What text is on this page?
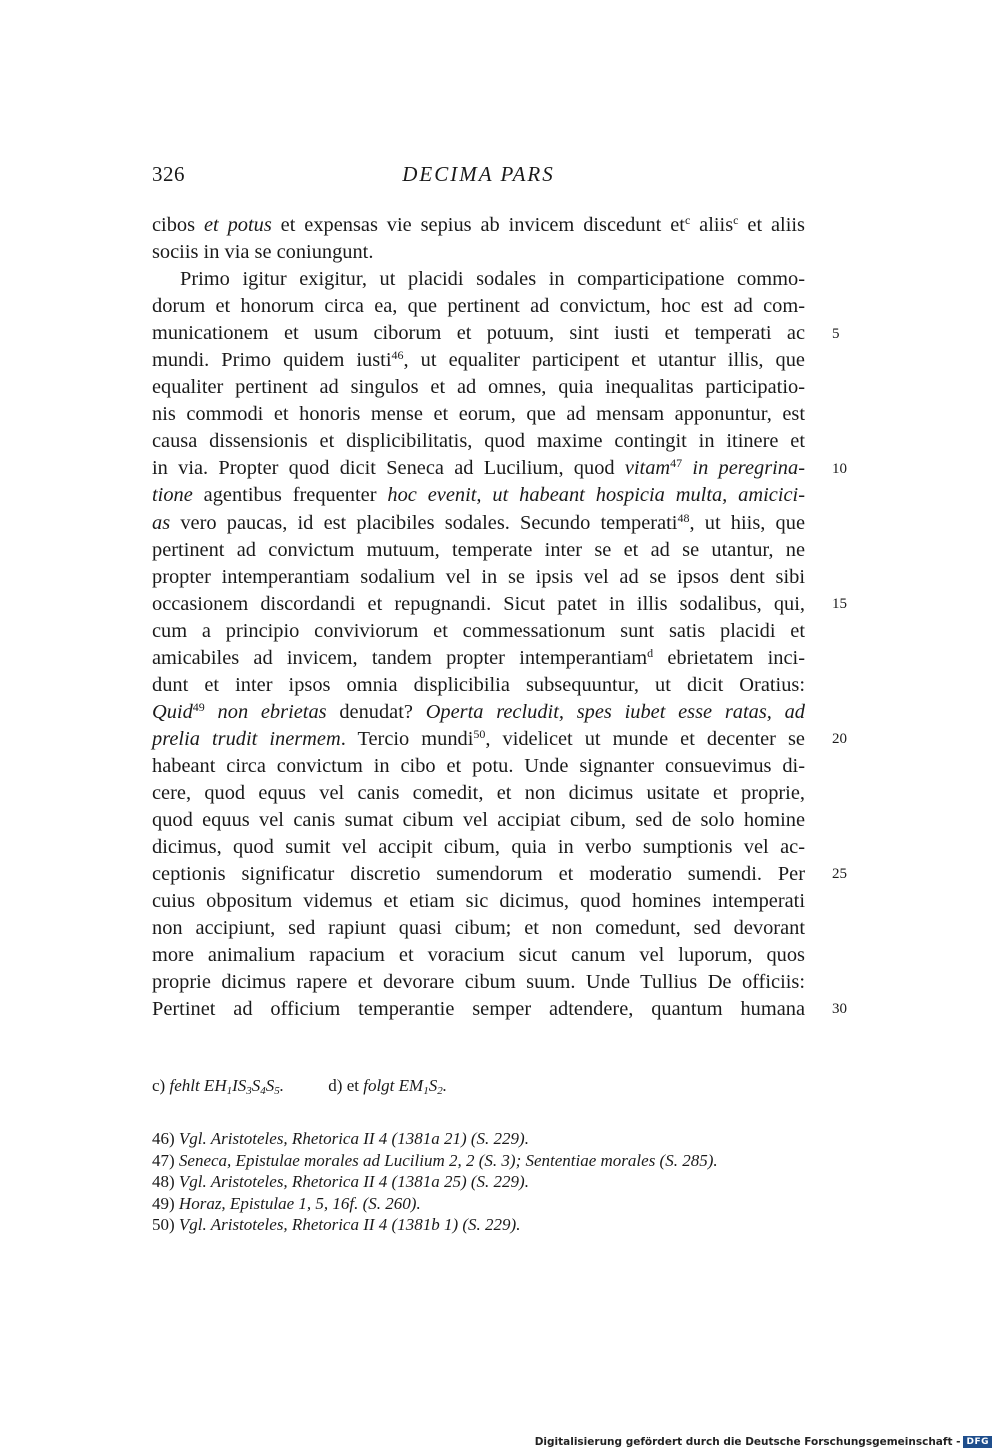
326	DECIMA PARS
cibos et potus et expensas vie sepius ab invicem discedunt $et^c$ aliis$^c$ et aliis
sociis in via se coniungunt.
Primo igitur exigitur, ut placidi sodales in comparticipatione commo-
dorum et honorum circa ea, que pertinent ad convictum, hoc est ad com-
municationem et usum ciborum et potuum, sint iusti et temperati ac
mundi. Primo quidem iusti$^{46}$, ut equaliter participent et utantur illis, que
equaliter pertinent ad singulos et ad omnes, quia inequalitas participatio-
nis commodi et honoris mense et eorum, que ad mensam apponuntur, est
causa dissensionis et displicibilitatis, quod maxime contingit in itinere et
in via. Propter quod dicit Seneca ad Lucilium, quod vitam$^{47}$ in peregrina-
tione agentibus frequenter hoc evenit, ut habeant hospicia multa, amicici-
as vero paucas, id est placibiles sodales. Secundo temperati$^{48}$, ut hiis, que
pertinent ad convictum mutuum, temperate inter se et ad se utantur, ne
propter intemperantiam sodalium vel in se ipsis vel ad se ipsos dent sibi
occasionem discordandi et repugnandi. Sicut patet in illis sodalibus, qui,
cum a principio conviviorum et commessationum sunt satis placidi et
amicabiles ad invicem, tandem propter intemperantiam$^d$ ebrietatem inci-
dunt et inter ipsos omnia displicibilia subsequuntur, ut dicit Oratius:
Quid$^{49}$ non ebrietas denudat? Operta recludit, spes iubet esse ratas, ad
prelia trudit inermem. Tercio mundi$^{50}$, videlicet ut munde et decenter se
habeant circa convictum in cibo et potu. Unde signanter consuevimus di-
cere, quod equus vel canis comedit, et non dicimus usitate et proprie,
quod equus vel canis sumat cibum vel accipiat cibum, sed de solo homine
dicimus, quod sumit vel accipit cibum, quia in verbo sumptionis vel ac-
ceptionis significatur discretio sumendorum et moderatio sumendi. Per
cuius obpositum videmus et etiam sic dicimus, quod homines intemperati
non accipiunt, sed rapiunt quasi cibum; et non comedunt, sed devorant
more animalium rapacium et voracium sicut canum vel luporum, quos
proprie dicimus rapere et devorare cibum suum. Unde Tullius De officiis:
Pertinet ad officium temperantie semper adtendere, quantum humana
5
10
15
20
25
30
c) fehlt $EH_1IS_3S_4S_5$.	d) et folgt $EM_1S_2$.
46) Vgl. Aristoteles, Rhetorica II 4 (1381a 21) (S. 229).
47) Seneca, Epistulae morales ad Lucilium 2, 2 (S. 3); Sententiae morales (S. 285).
48) Vgl. Aristoteles, Rhetorica II 4 (1381a 25) (S. 229).
49) Horaz, Epistulae 1, 5, 16f. (S. 260).
50) Vgl. Aristoteles, Rhetorica II 4 (1381b 1) (S. 229).
Digitalisierung gefördert durch die Deutsche Forschungsgemeinschaft - DFG
